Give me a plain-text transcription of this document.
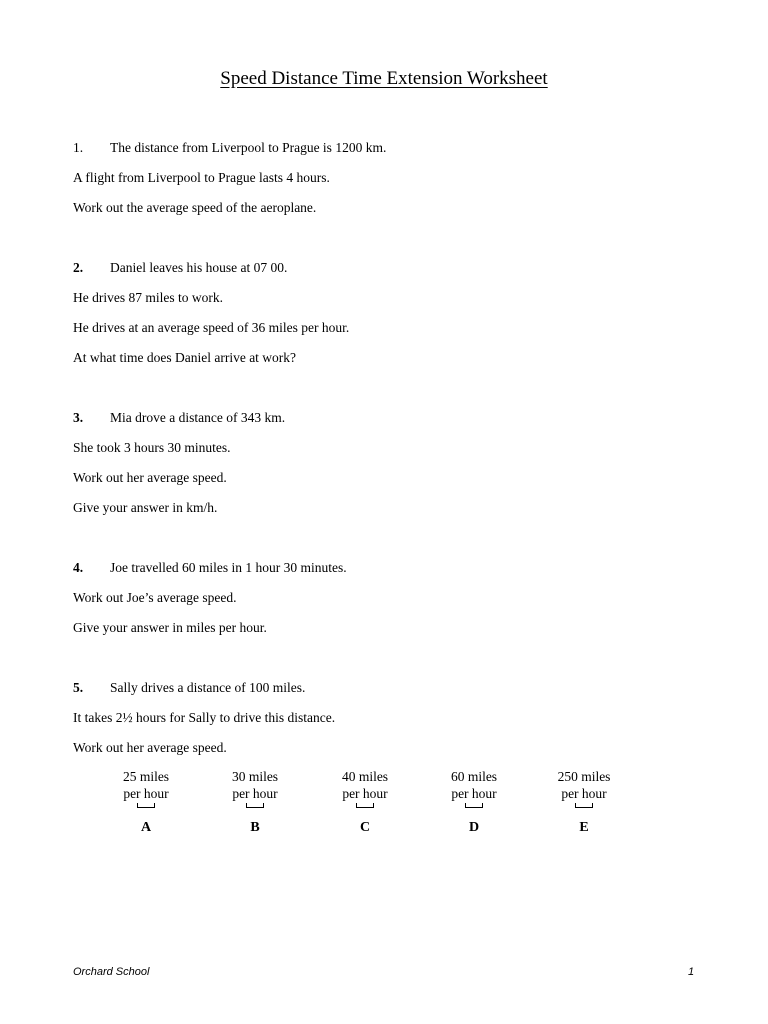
Speed Distance Time Extension Worksheet
1. The distance from Liverpool to Prague is 1200 km.
A flight from Liverpool to Prague lasts 4 hours.
Work out the average speed of the aeroplane.
2. Daniel leaves his house at 07 00.
He drives 87 miles to work.
He drives at an average speed of 36 miles per hour.
At what time does Daniel arrive at work?
3. Mia drove a distance of 343 km.
She took 3 hours 30 minutes.
Work out her average speed.
Give your answer in km/h.
4. Joe travelled 60 miles in 1 hour 30 minutes.
Work out Joe’s average speed.
Give your answer in miles per hour.
5. Sally drives a distance of 100 miles.
It takes 2½ hours for Sally to drive this distance.
Work out her average speed.
25 miles
per hour
A
30 miles
per hour
B
40 miles
per hour
C
60 miles
per hour
D
250 miles
per hour
E
Orchard School	1
